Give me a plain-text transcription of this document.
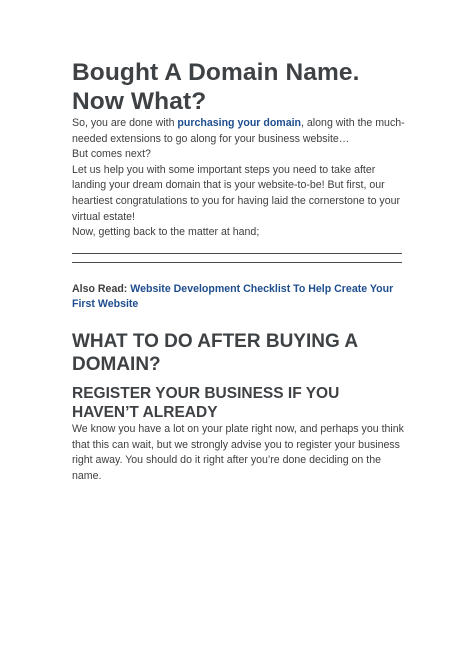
Bought A Domain Name.
Now What?

So, you are done with purchasing your domain, along with the much-needed extensions to go along for your business website…

But comes next?

Let us help you with some important steps you need to take after landing your dream domain that is your website-to-be! But first, our heartiest congratulations to you for having laid the cornerstone to your virtual estate!

Now, getting back to the matter at hand;

Also Read: Website Development Checklist To Help Create Your First Website

WHAT TO DO AFTER BUYING A DOMAIN?
REGISTER YOUR BUSINESS IF YOU HAVEN’T ALREADY

We know you have a lot on your plate right now, and perhaps you think that this can wait, but we strongly advise you to register your business right away. You should do it right after you’re done deciding on the name.
